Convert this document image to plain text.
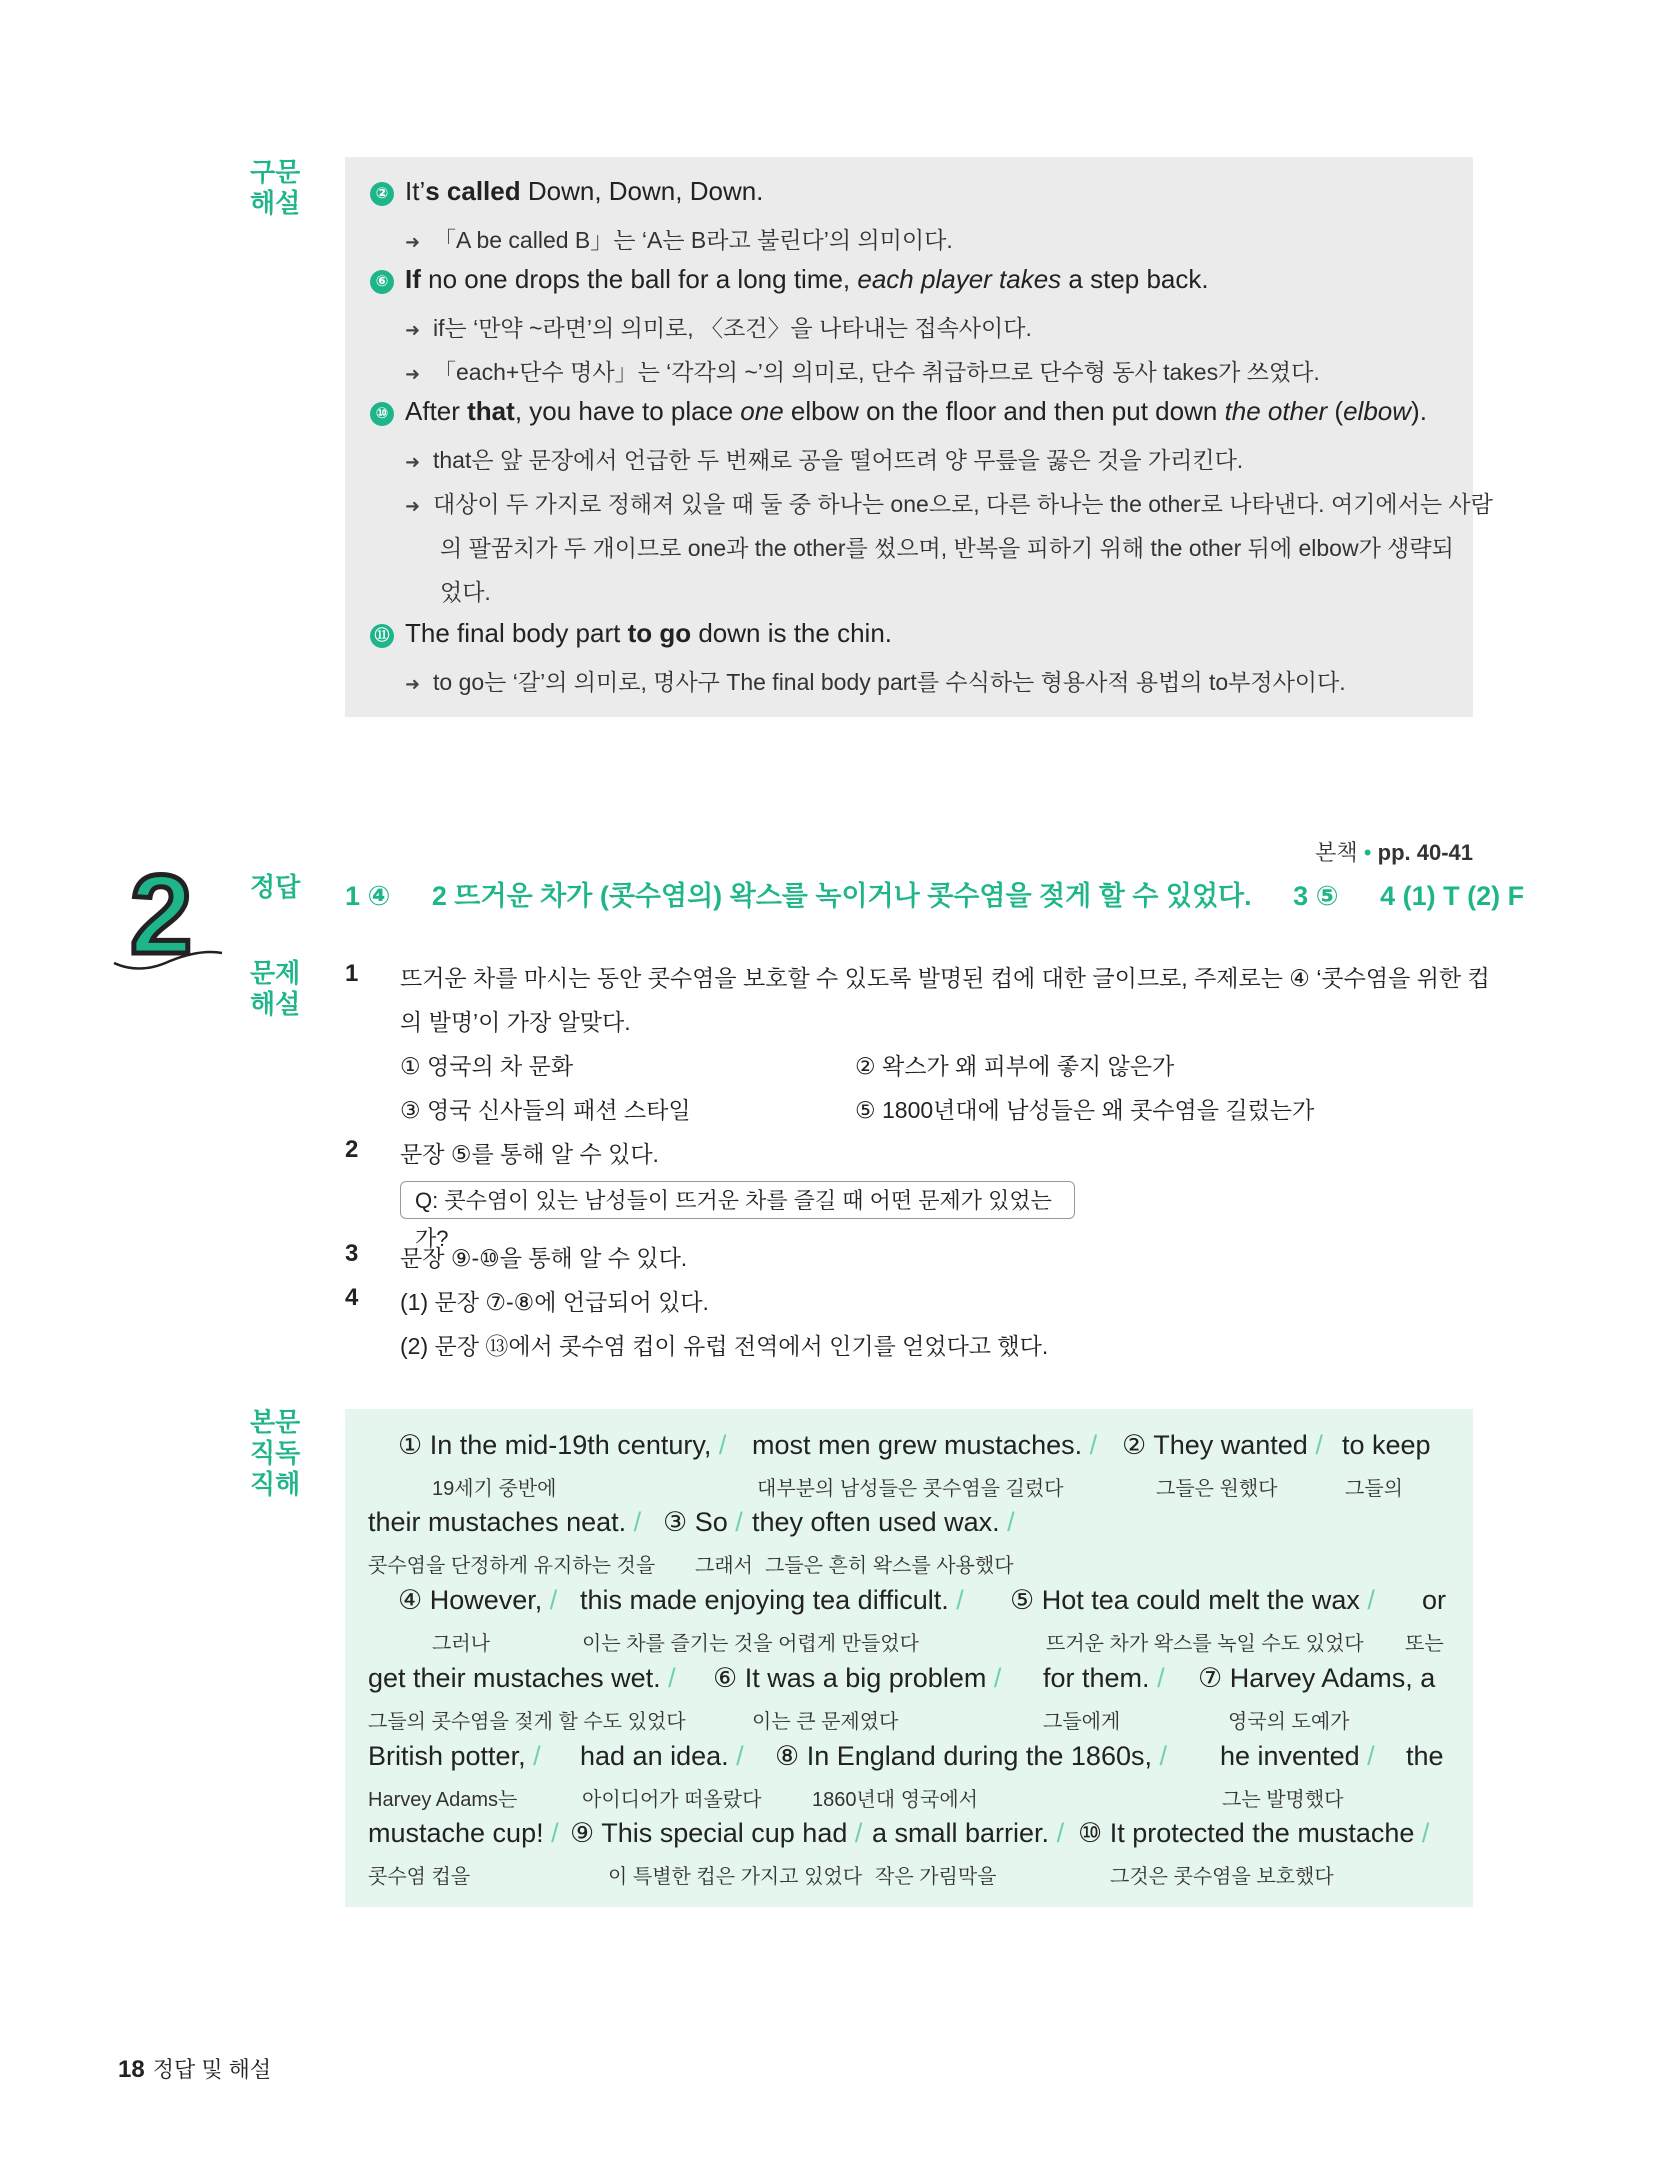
구문
해설	② It’s called Down, Down, Down.
➜ 「A be called B」는 ‘A는 B라고 불린다’의 의미이다.
⑥ If no one drops the ball for a long time, each player takes a step back.
➜ if는 ‘만약 ~라면’의 의미로, 〈조건〉을 나타내는 접속사이다.
➜ 「each+단수 명사」는 ‘각각의 ~’의 의미로, 단수 취급하므로 단수형 동사 takes가 쓰였다.
⑩ After that, you have to place one elbow on the floor and then put down the other (elbow).
➜ that은 앞 문장에서 언급한 두 번째로 공을 떨어뜨려 양 무릎을 꿇은 것을 가리킨다.
➜ 대상이 두 가지로 정해져 있을 때 둘 중 하나는 one으로, 다른 하나는 the other로 나타낸다. 여기에서는 사람
의 팔꿈치가 두 개이므로 one과 the other를 썼으며, 반복을 피하기 위해 the other 뒤에 elbow가 생략되
었다.
⑪ The final body part to go down is the chin.
➜ to go는 ‘갈’의 의미로, 명사구 The final body part를 수식하는 형용사적 용법의 to부정사이다.
2	본책 • pp. 40-41
정답 1 ④ 2 뜨거운 차가 (콧수염의) 왁스를 녹이거나 콧수염을 젖게 할 수 있었다. 3 ⑤ 4 (1) T (2) F
문제
해설
1 뜨거운 차를 마시는 동안 콧수염을 보호할 수 있도록 발명된 컵에 대한 글이므로, 주제로는 ④ ‘콧수염을 위한 컵
의 발명’이 가장 알맞다.
① 영국의 차 문화	② 왁스가 왜 피부에 좋지 않은가
③ 영국 신사들의 패션 스타일	⑤ 1800년대에 남성들은 왜 콧수염을 길렀는가
2 문장 ⑤를 통해 알 수 있다.
Q: 콧수염이 있는 남성들이 뜨거운 차를 즐길 때 어떤 문제가 있었는가?
3 문장 ⑨-⑩을 통해 알 수 있다.
4 (1) 문장 ⑦-⑧에 언급되어 있다.
(2) 문장 ⑬에서 콧수염 컵이 유럽 전역에서 인기를 얻었다고 했다.
본문
직독
직해
① In the mid-19th century, / most men grew mustaches. / ② They wanted / to keep
19세기 중반에	대부분의 남성들은 콧수염을 길렀다	그들은 원했다	그들의
their mustaches neat. / ③ So / they often used wax. /
콧수염을 단정하게 유지하는 것을 그래서 그들은 흔히 왁스를 사용했다
④ However, / this made enjoying tea difficult. / ⑤ Hot tea could melt the wax / or
그러나	이는 차를 즐기는 것을 어렵게 만들었다	뜨거운 차가 왁스를 녹일 수도 있었다 또는
get their mustaches wet. / ⑥ It was a big problem / for them. / ⑦ Harvey Adams, a
그들의 콧수염을 젖게 할 수도 있었다	이는 큰 문제였다	그들에게	영국의 도예가
British potter, / had an idea. / ⑧ In England during the 1860s, / he invented / the
Harvey Adams는	아이디어가 떠올랐다	1860년대 영국에서	그는 발명했다
mustache cup! / ⑨ This special cup had / a small barrier. / ⑩ It protected the mustache /
콧수염 컵을	이 특별한 컵은 가지고 있었다 작은 가림막을	그것은 콧수염을 보호했다
18 정답 및 해설
